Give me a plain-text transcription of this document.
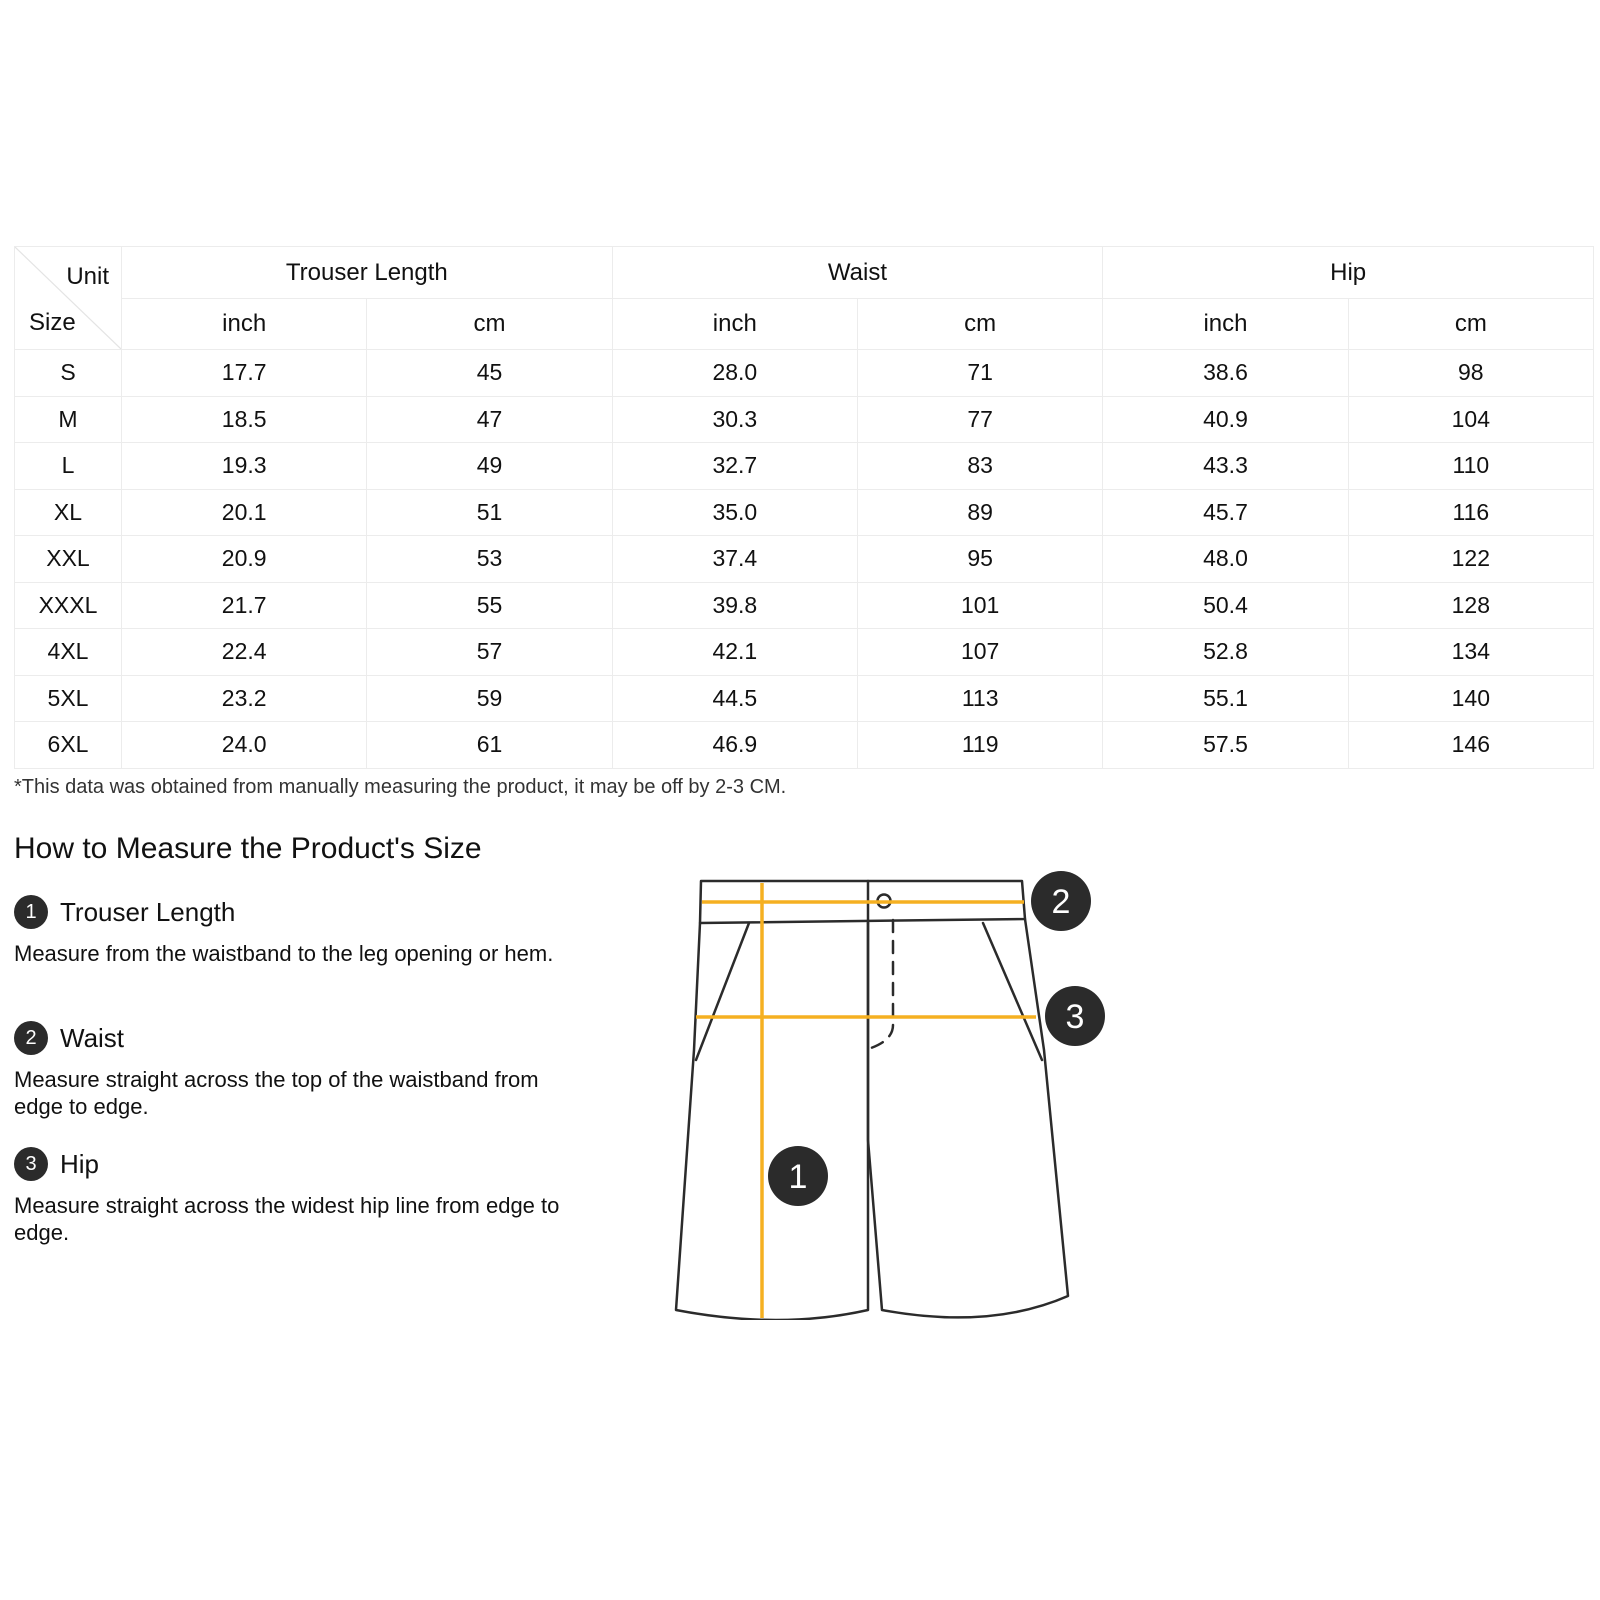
Unit
Size	Trouser Length		Waist		Hip	
	inch	cm	inch	cm	inch	cm
S	17.7	45	28.0	71	38.6	98
M	18.5	47	30.3	77	40.9	104
L	19.3	49	32.7	83	43.3	110
XL	20.1	51	35.0	89	45.7	116
XXL	20.9	53	37.4	95	48.0	122
XXXL	21.7	55	39.8	101	50.4	128
4XL	22.4	57	42.1	107	52.8	134
5XL	23.2	59	44.5	113	55.1	140
6XL	24.0	61	46.9	119	57.5	146
*This data was obtained from manually measuring the product, it may be off by 2-3 CM.
How to Measure the Product's Size
1 Trouser Length
Measure from the waistband to the leg opening or hem.
2 Waist
Measure straight across the top of the waistband from edge to edge.
3 Hip
Measure straight across the widest hip line from edge to edge.
1
2
3
